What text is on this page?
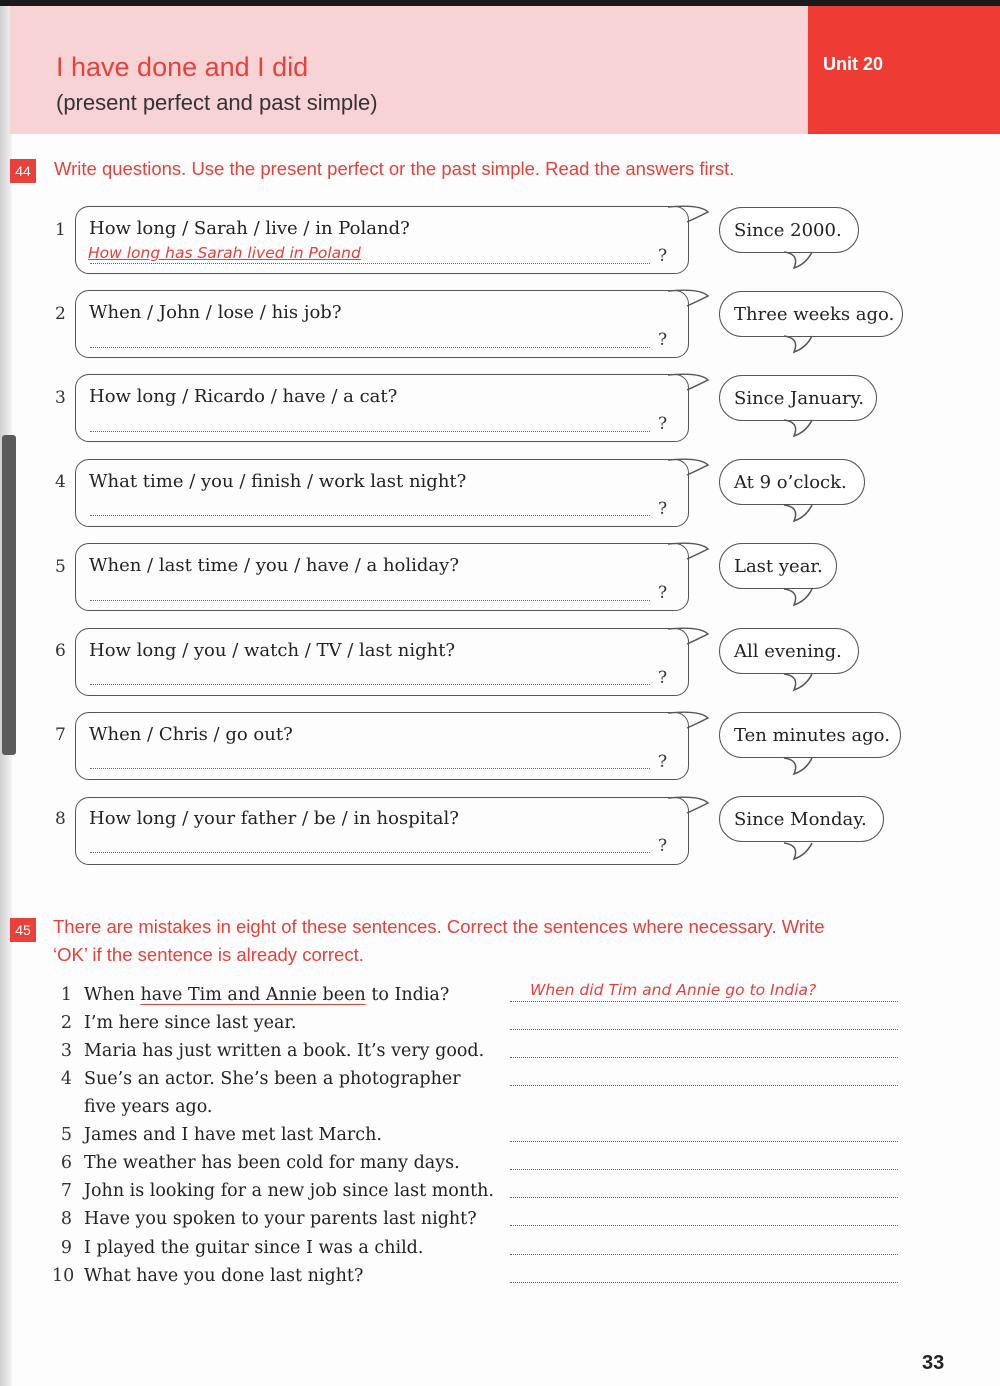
Unit 20
I have done and I did
(present perfect and past simple)
44 Write questions. Use the present perfect or the past simple. Read the answers first.
1 How long / Sarah / live / in Poland?
How long has Sarah lived in Poland	?
Since 2000.
2 When / John / lose / his job?
?
Three weeks ago.
3 How long / Ricardo / have / a cat?
?
Since January.
4 What time / you / finish / work last night?
?
At 9 o’clock.
5 When / last time / you / have / a holiday?
?
Last year.
6 How long / you / watch / TV / last night?
?
All evening.
7 When / Chris / go out?
?
Ten minutes ago.
8 How long / your father / be / in hospital?
?
Since Monday.
45 There are mistakes in eight of these sentences. Correct the sentences where necessary. Write
‘OK’ if the sentence is already correct.
1 When have Tim and Annie been to India?	When did Tim and Annie go to India?
2 I’m here since last year.
3 Maria has just written a book. It’s very good.
4 Sue’s an actor. She’s been a photographer
five years ago.
5 James and I have met last March.
6 The weather has been cold for many days.
7 John is looking for a new job since last month.
8 Have you spoken to your parents last night?
9 I played the guitar since I was a child.
10 What have you done last night?
33
